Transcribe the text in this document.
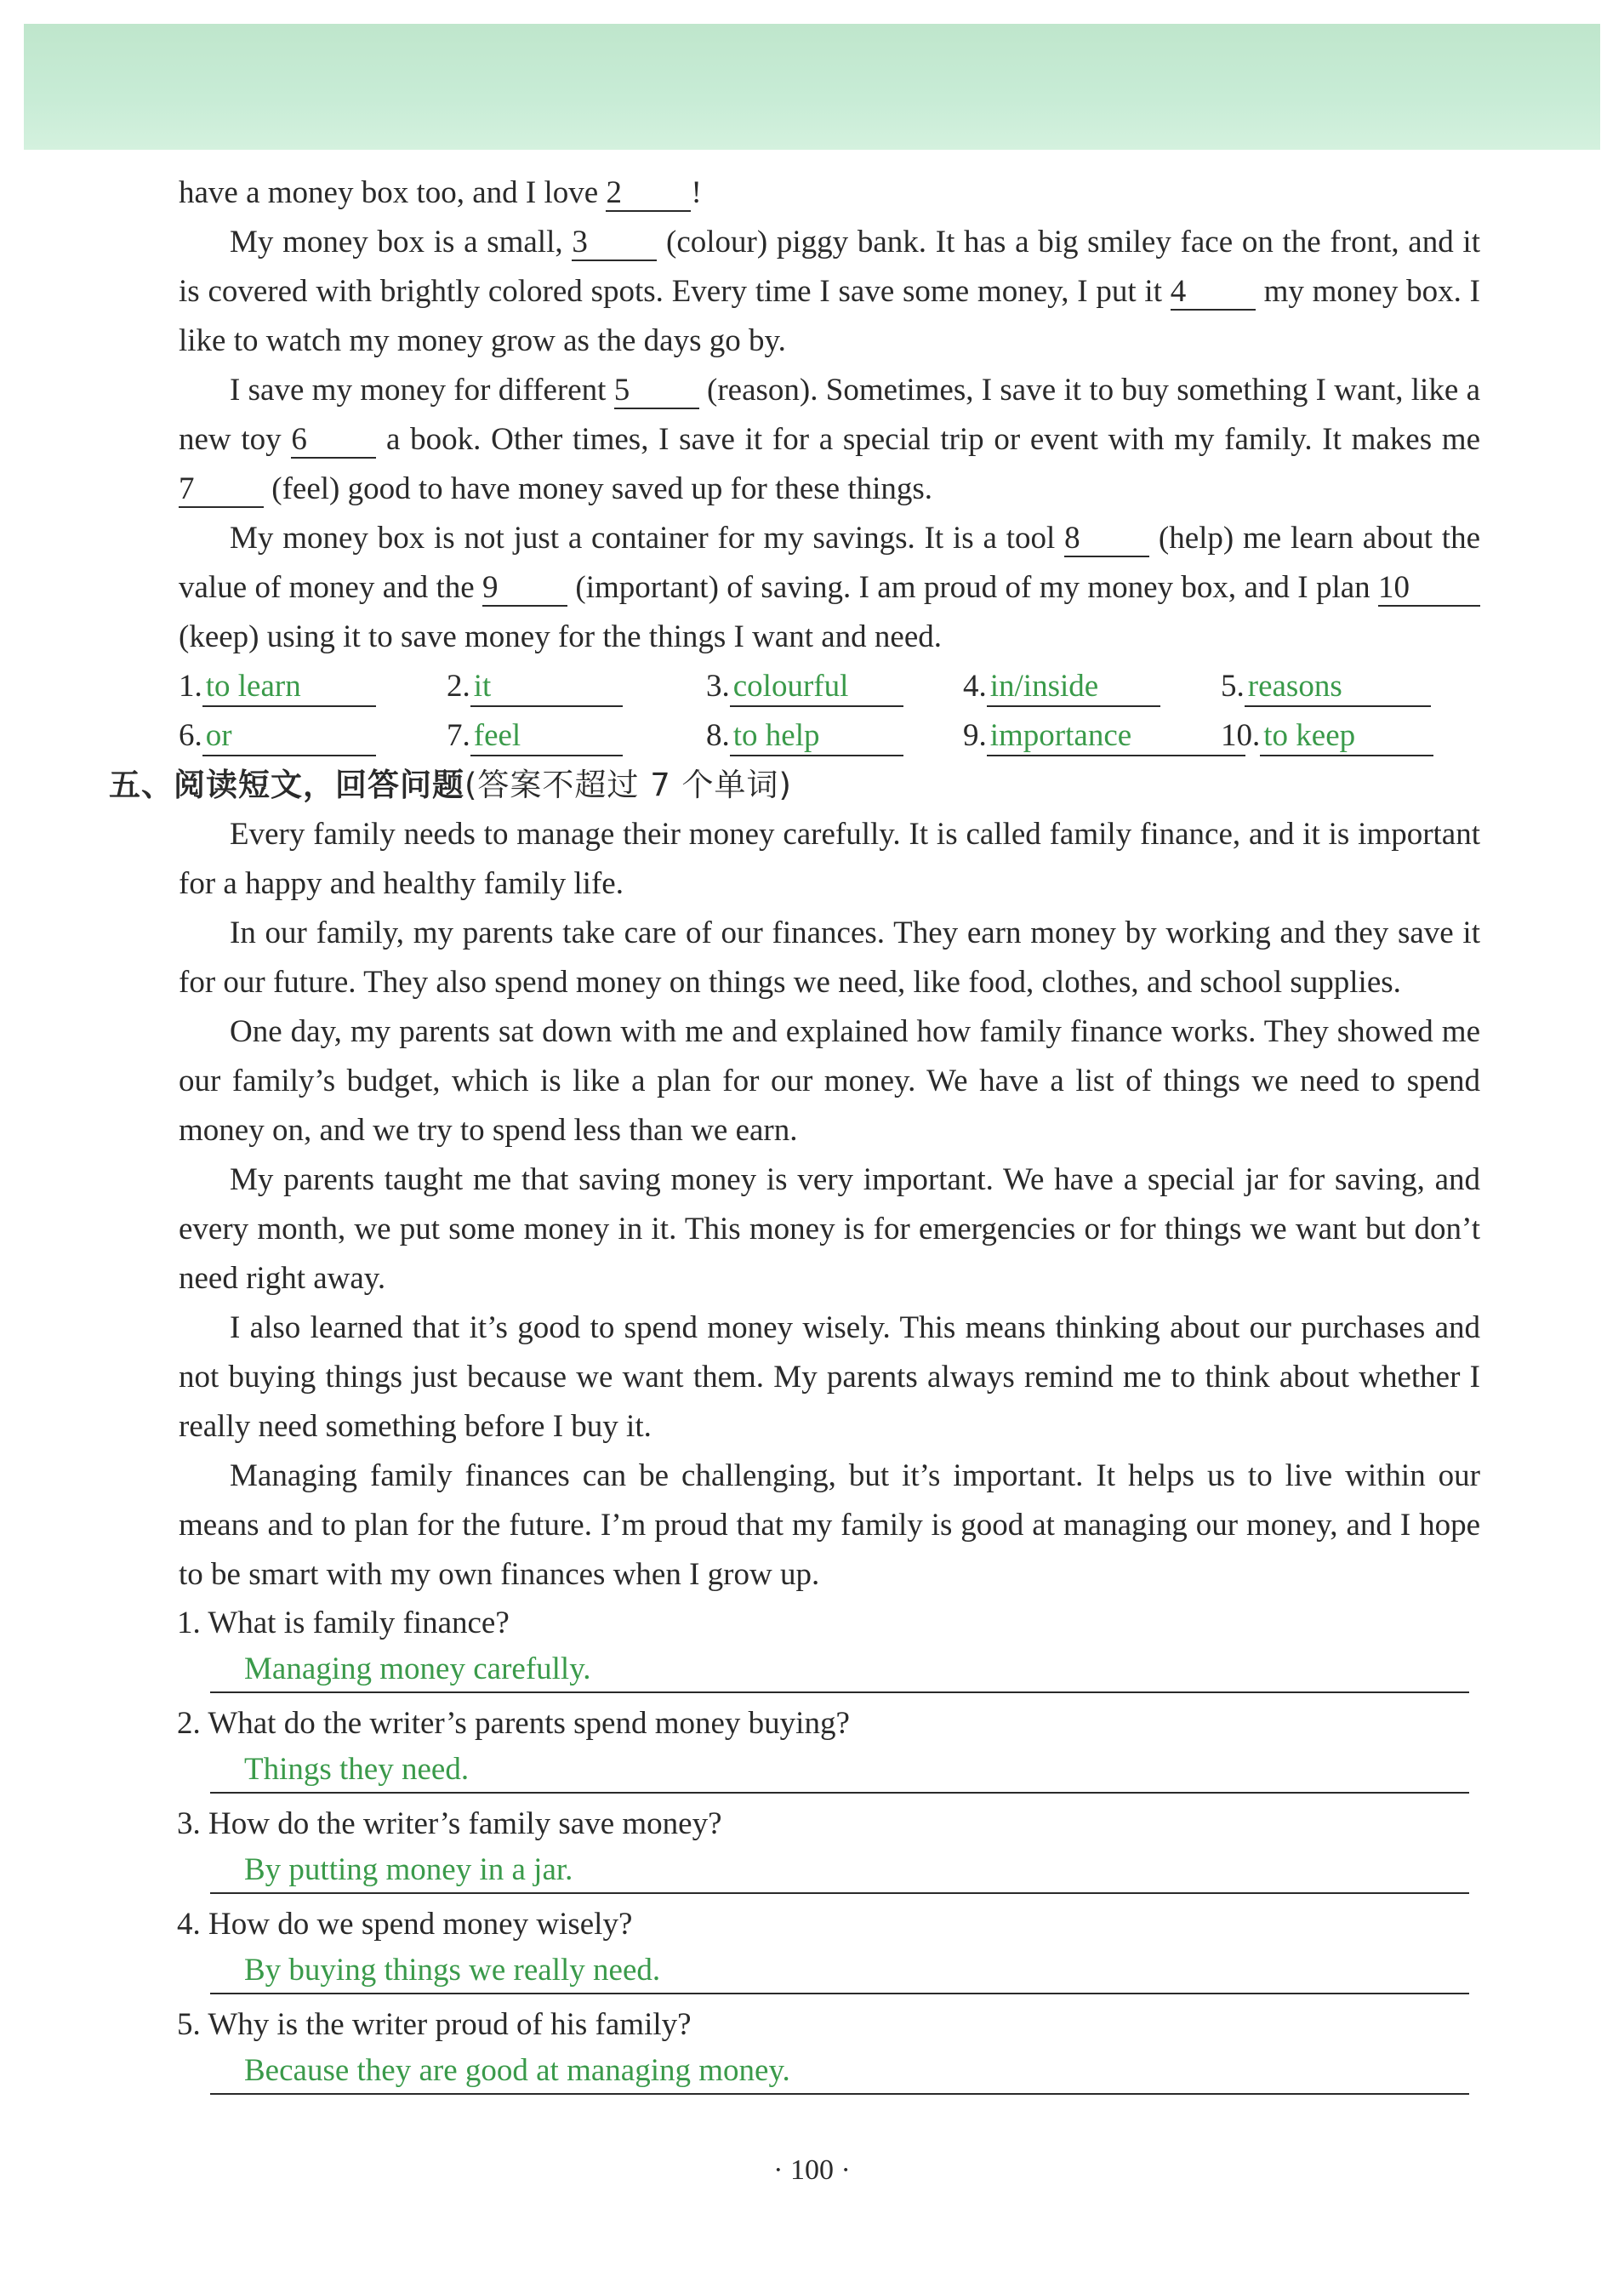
have a money box too, and I love 2 !

My money box is a small, 3 (colour) piggy bank. It has a big smiley face on the front, and it is covered with brightly colored spots. Every time I save some money, I put it 4 my money box. I like to watch my money grow as the days go by.

I save my money for different 5 (reason). Sometimes, I save it to buy something I want, like a new toy 6 a book. Other times, I save it for a special trip or event with my family. It makes me 7 (feel) good to have money saved up for these things.

My money box is not just a container for my savings. It is a tool 8 (help) me learn about the value of money and the 9 (important) of saving. I am proud of my money box, and I plan 10 (keep) using it to save money for the things I want and need.

1. to learn	2. it	3. colourful	4. in/inside	5. reasons
6. or	7. feel	8. to help	9. importance	10. to keep
五、阅读短文，回答问题(答案不超过 7 个单词)

Every family needs to manage their money carefully. It is called family finance, and it is important for a happy and healthy family life.

In our family, my parents take care of our finances. They earn money by working and they save it for our future. They also spend money on things we need, like food, clothes, and school supplies.

One day, my parents sat down with me and explained how family finance works. They showed me our family’s budget, which is like a plan for our money. We have a list of things we need to spend money on, and we try to spend less than we earn.

My parents taught me that saving money is very important. We have a special jar for saving, and every month, we put some money in it. This money is for emergencies or for things we want but don’t need right away.

I also learned that it’s good to spend money wisely. This means thinking about our purchases and not buying things just because we want them. My parents always remind me to think about whether I really need something before I buy it.

Managing family finances can be challenging, but it’s important. It helps us to live within our means and to plan for the future. I’m proud that my family is good at managing our money, and I hope to be smart with my own finances when I grow up.

1. What is family finance?
Managing money carefully.
2. What do the writer’s parents spend money buying?
Things they need.
3. How do the writer’s family save money?
By putting money in a jar.
4. How do we spend money wisely?
By buying things we really need.
5. Why is the writer proud of his family?
Because they are good at managing money.
· 100 ·
